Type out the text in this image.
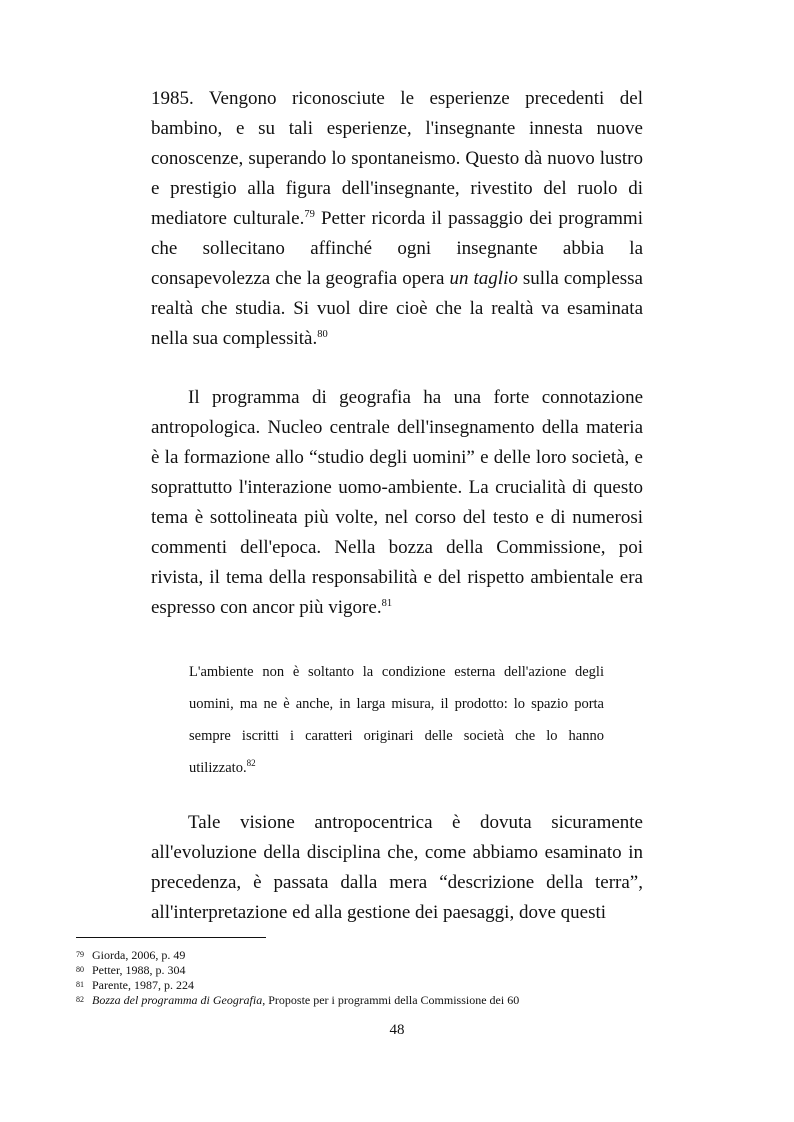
1985. Vengono riconosciute le esperienze precedenti del bambino, e su tali esperienze, l'insegnante innesta nuove conoscenze, superando lo spontaneismo. Questo dà nuovo lustro e prestigio alla figura dell'insegnante, rivestito del ruolo di mediatore culturale.$^{79}$ Petter ricorda il passaggio dei programmi che sollecitano affinché ogni insegnante abbia la consapevolezza che la geografia opera un taglio sulla complessa realtà che studia. Si vuol dire cioè che la realtà va esaminata nella sua complessità.$^{80}$

Il programma di geografia ha una forte connotazione antropologica. Nucleo centrale dell'insegnamento della materia è la formazione allo “studio degli uomini” e delle loro società, e soprattutto l'interazione uomo-ambiente. La crucialità di questo tema è sottolineata più volte, nel corso del testo e di numerosi commenti dell'epoca. Nella bozza della Commissione, poi rivista, il tema della responsabilità e del rispetto ambientale era espresso con ancor più vigore.$^{81}$

L'ambiente non è soltanto la condizione esterna dell'azione degli uomini, ma ne è anche, in larga misura, il prodotto: lo spazio porta sempre iscritti i caratteri originari delle società che lo hanno utilizzato.$^{82}$

Tale visione antropocentrica è dovuta sicuramente all'evoluzione della disciplina che, come abbiamo esaminato in precedenza, è passata dalla mera “descrizione della terra”, all'interpretazione ed alla gestione dei paesaggi, dove questi

79 Giorda, 2006, p. 49
80 Petter, 1988, p. 304
81 Parente, 1987, p. 224
82 Bozza del programma di Geografia, Proposte per i programmi della Commissione dei 60
48
